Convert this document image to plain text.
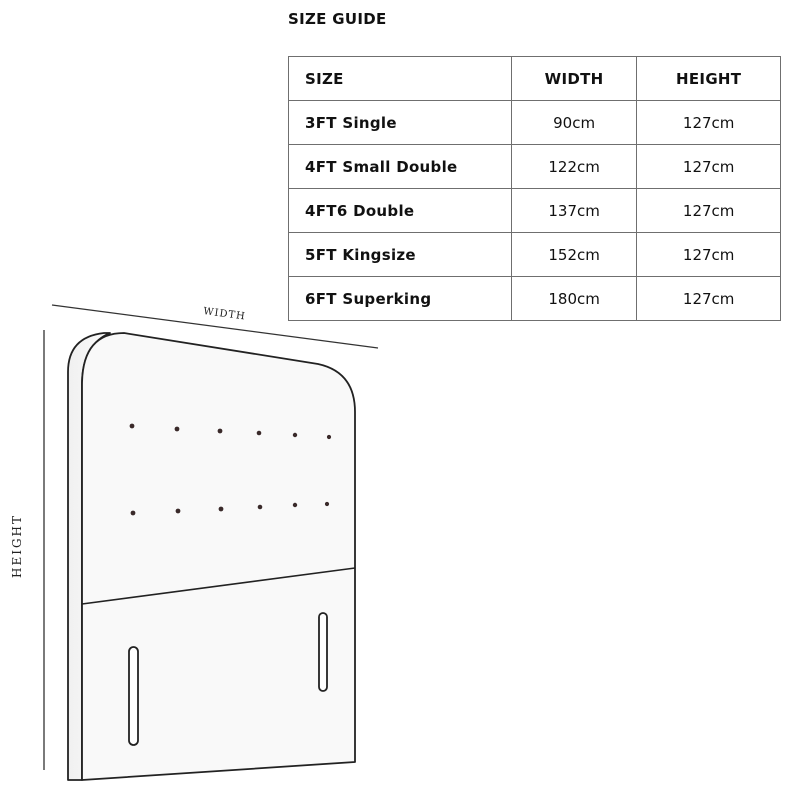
SIZE GUIDE
SIZE	WIDTH	HEIGHT
3FT Single	90cm	127cm
4FT Small Double	122cm	127cm
4FT6 Double	137cm	127cm
5FT Kingsize	152cm	127cm
6FT Superking	180cm	127cm
WIDTH
HEIGHT
